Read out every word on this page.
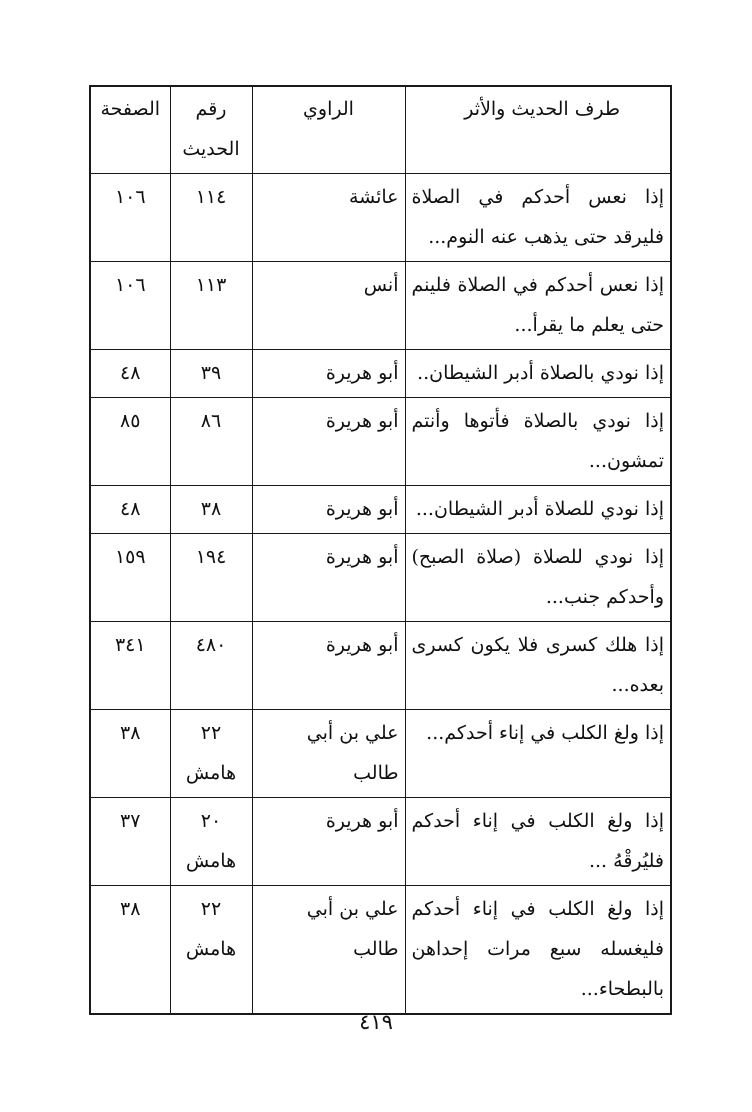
طرف الحديث والأثر	الراوي	رقم الحديث	الصفحة
إذا نعس أحدكم في الصلاة فليرقد حتى يذهب عنه النوم...	عائشة	١١٤	١٠٦
إذا نعس أحدكم في الصلاة فلينم حتى يعلم ما يقرأ...	أنس	١١٣	١٠٦
إذا نودي بالصلاة أدبر الشيطان..	أبو هريرة	٣٩	٤٨
إذا نودي بالصلاة فأتوها وأنتم تمشون...	أبو هريرة	٨٦	٨٥
إذا نودي للصلاة أدبر الشيطان...	أبو هريرة	٣٨	٤٨
إذا نودي للصلاة (صلاة الصبح) وأحدكم جنب...	أبو هريرة	١٩٤	١٥٩
إذا هلك كسرى فلا يكون كسرى بعده...	أبو هريرة	٤٨٠	٣٤١
إذا ولغ الكلب في إناء أحدكم...	علي بن أبي طالب	٢٢ هامش	٣٨
إذا ولغ الكلب في إناء أحدكم فليُرقْهُ ...	أبو هريرة	٢٠ هامش	٣٧
إذا ولغ الكلب في إناء أحدكم فليغسله سبع مرات إحداهن بالبطحاء...	علي بن أبي طالب	٢٢ هامش	٣٨
٤١٩
